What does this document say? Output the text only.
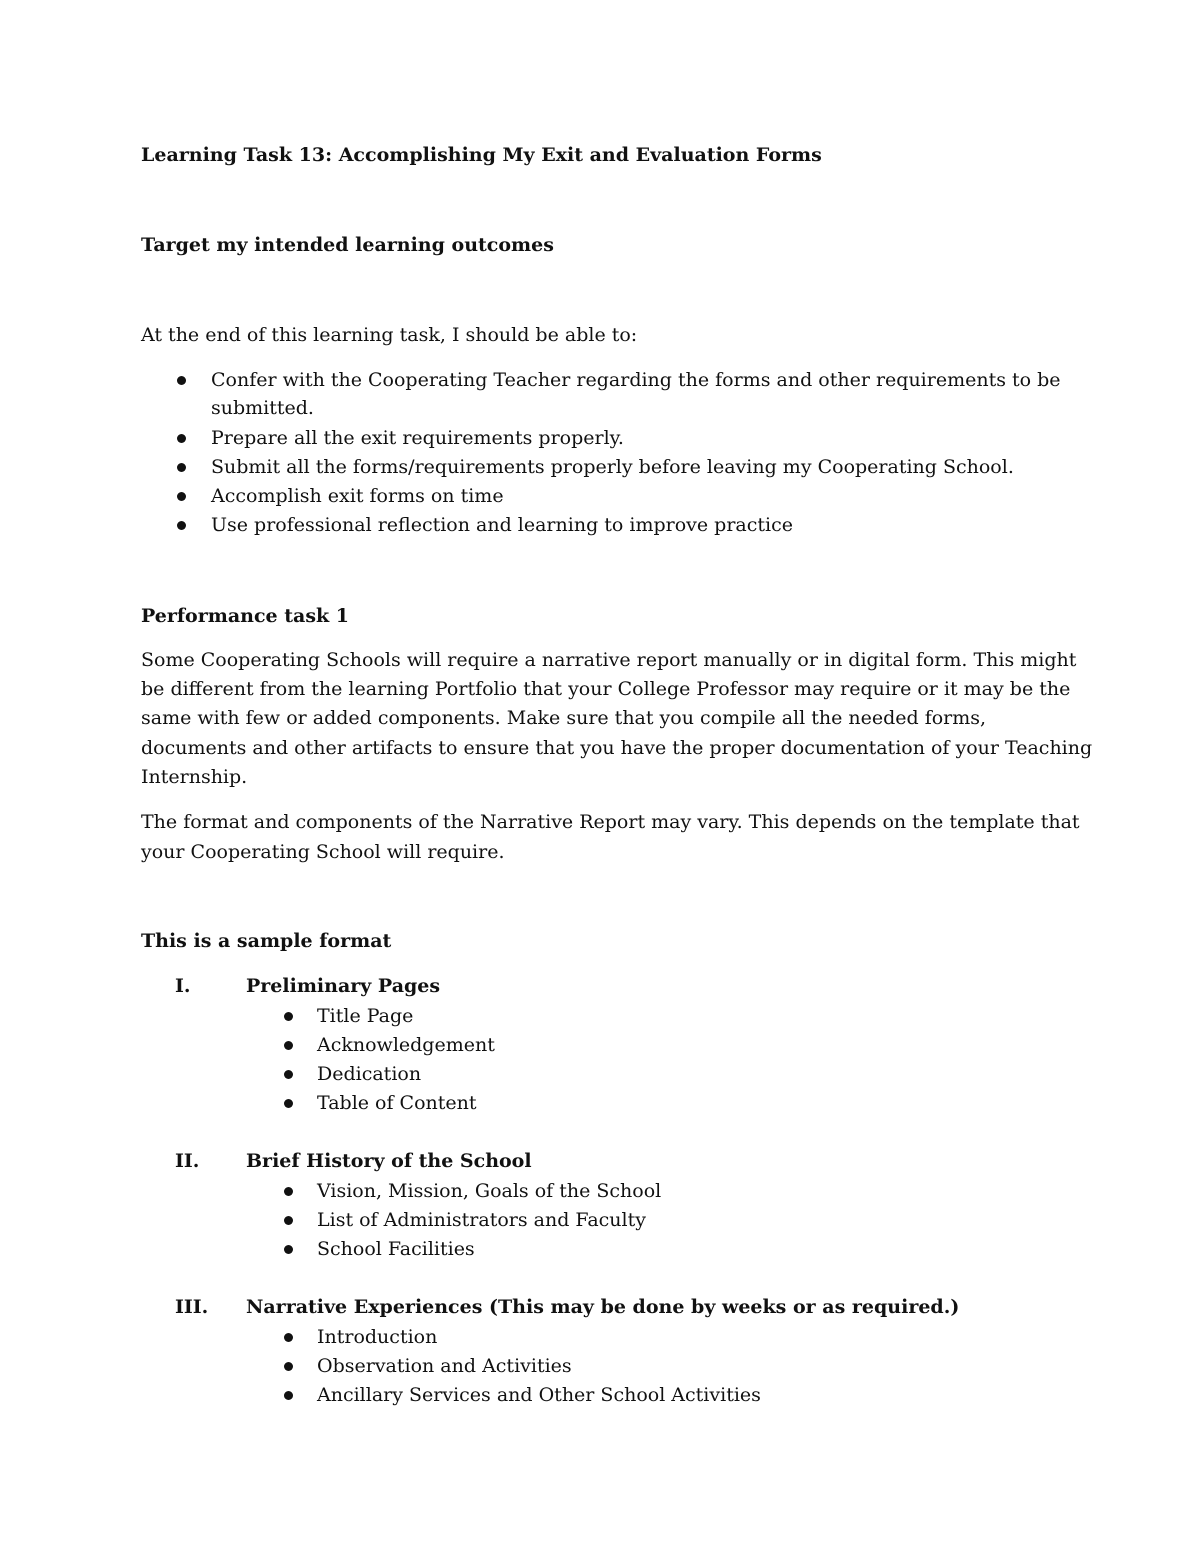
Learning Task 13: Accomplishing My Exit and Evaluation Forms
Target my intended learning outcomes
At the end of this learning task, I should be able to:
Confer with the Cooperating Teacher regarding the forms and other requirements to be
submitted.
Prepare all the exit requirements properly.
Submit all the forms/requirements properly before leaving my Cooperating School.
Accomplish exit forms on time
Use professional reflection and learning to improve practice
Performance task 1
Some Cooperating Schools will require a narrative report manually or in digital form. This might
be different from the learning Portfolio that your College Professor may require or it may be the
same with few or added components. Make sure that you compile all the needed forms,
documents and other artifacts to ensure that you have the proper documentation of your Teaching
Internship.
The format and components of the Narrative Report may vary. This depends on the template that
your Cooperating School will require.
This is a sample format
I.	Preliminary Pages
Title Page
Acknowledgement
Dedication
Table of Content
II. Brief History of the School
Vision, Mission, Goals of the School
List of Administrators and Faculty
School Facilities
III. Narrative Experiences (This may be done by weeks or as required.)
Introduction
Observation and Activities
Ancillary Services and Other School Activities
